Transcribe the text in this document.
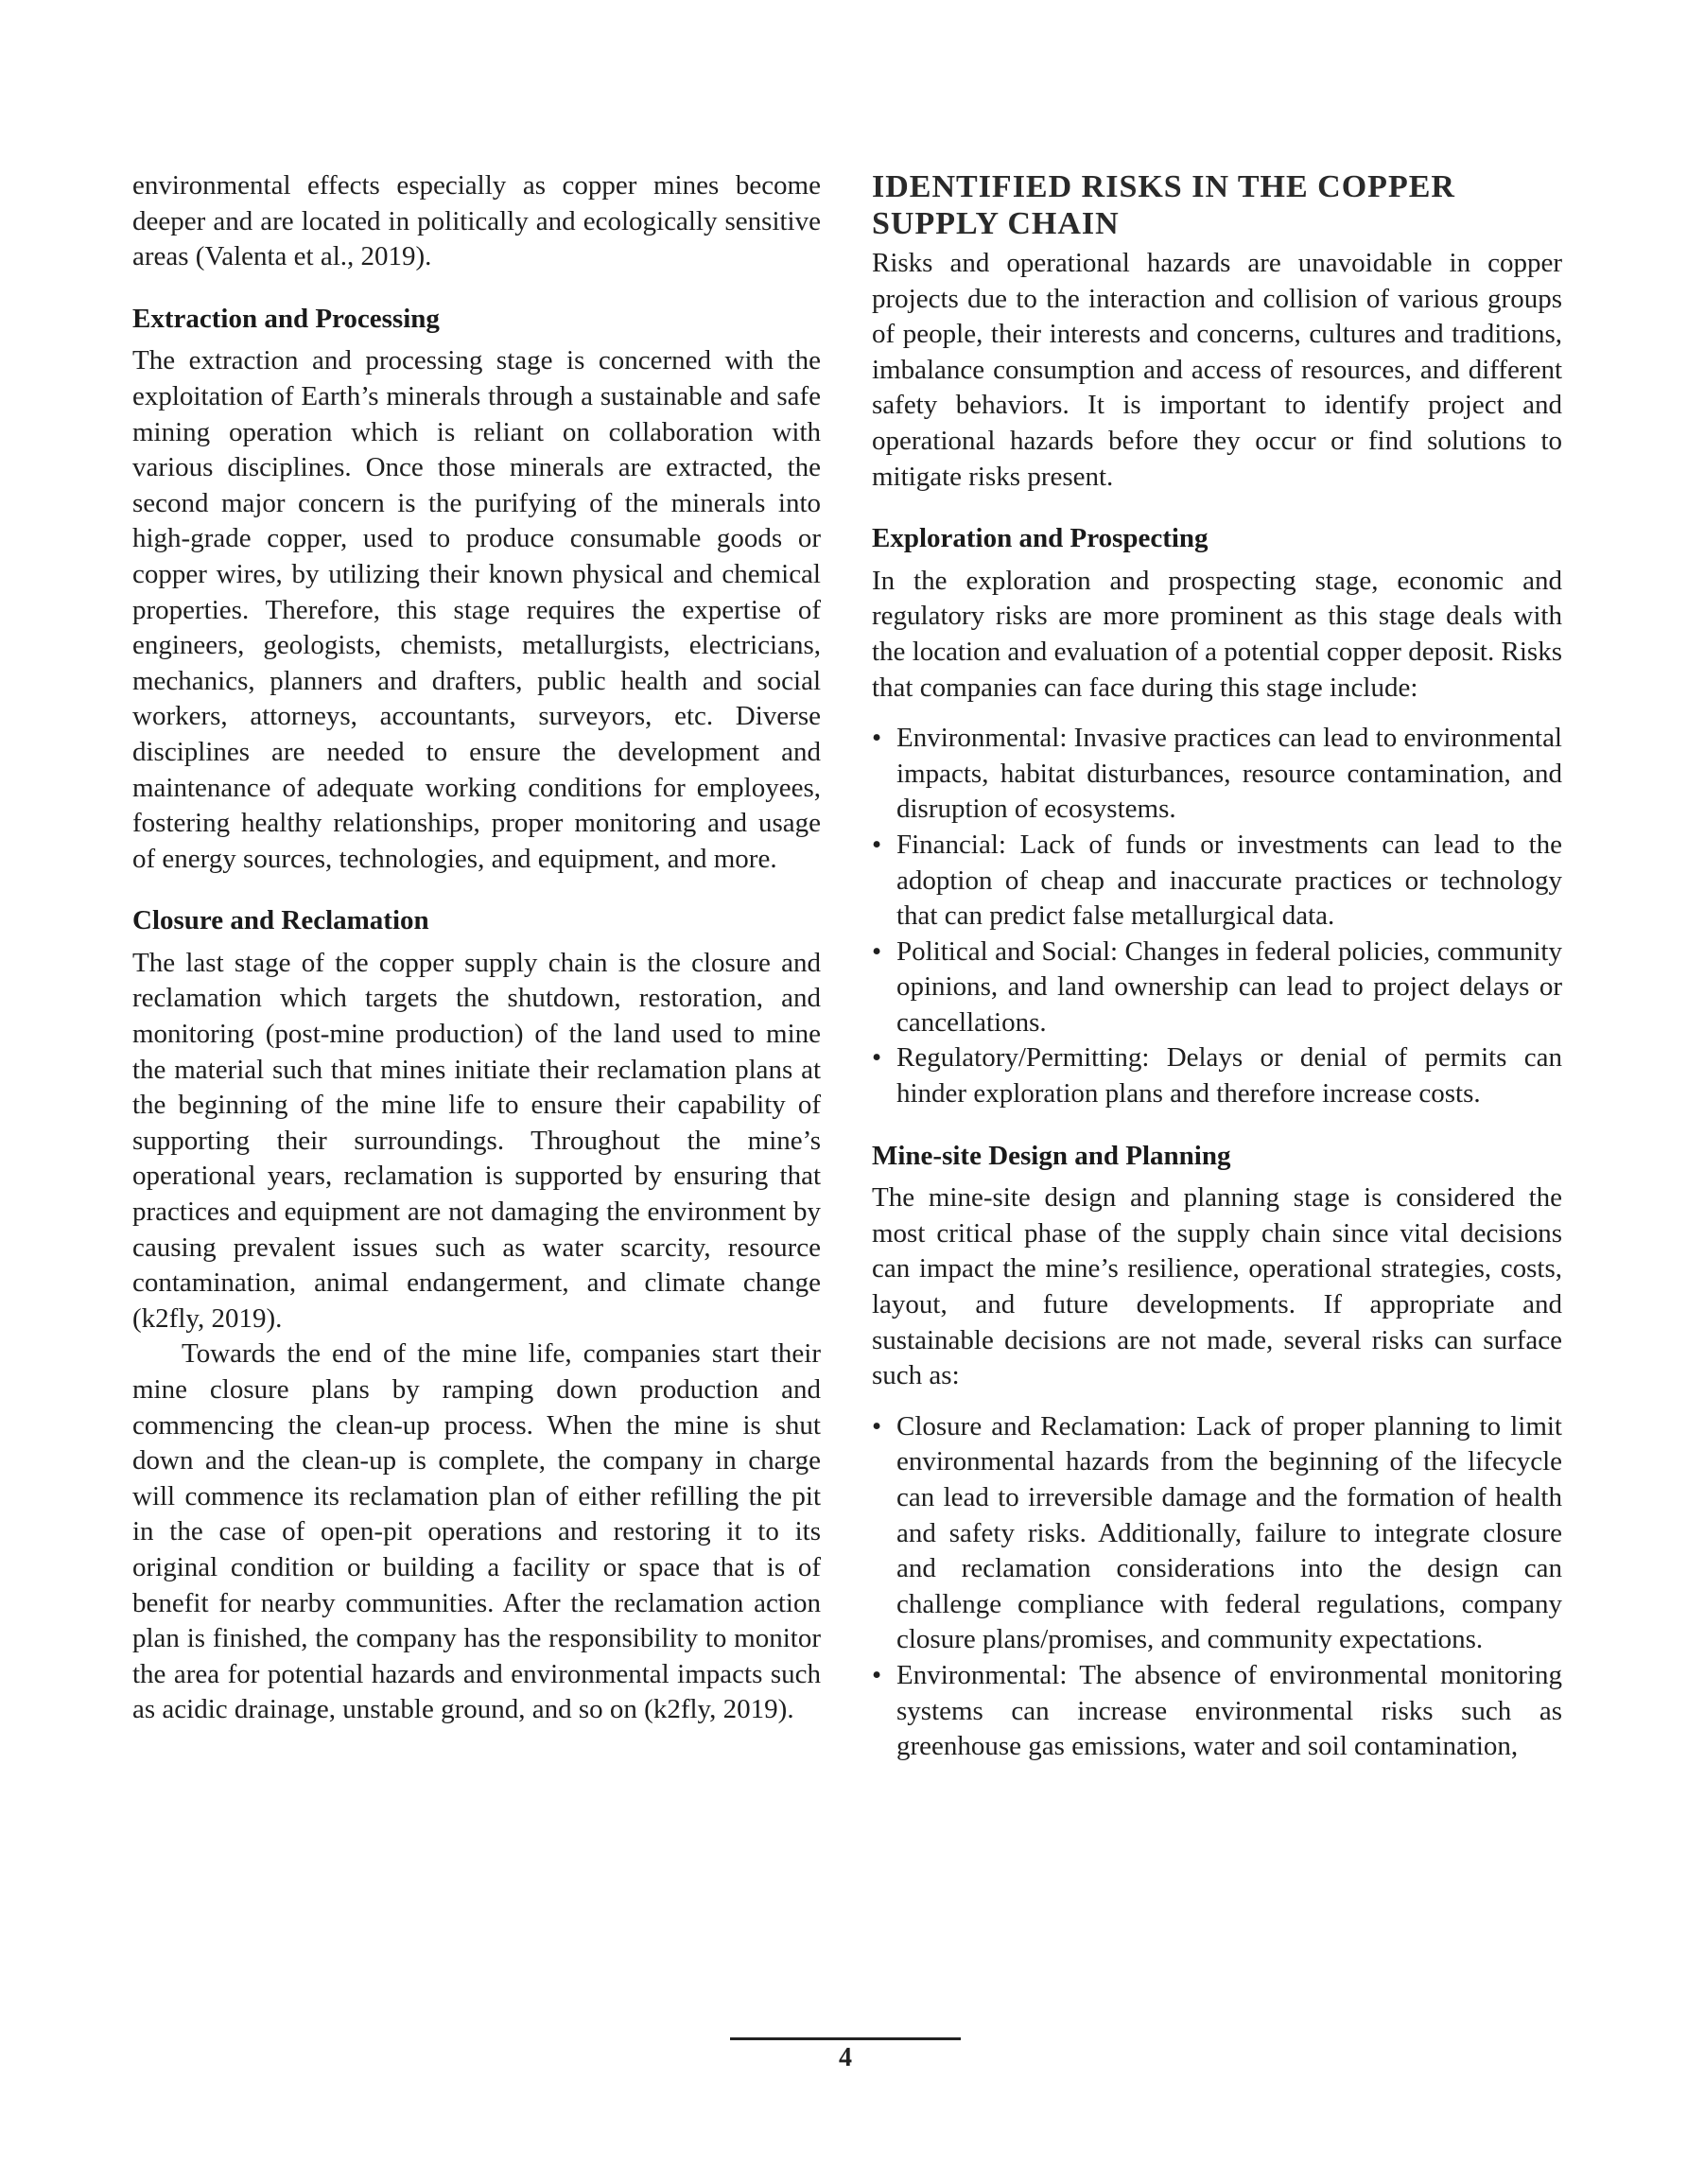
environmental effects especially as copper mines become deeper and are located in politically and ecologically sensitive areas (Valenta et al., 2019).

Extraction and Processing

The extraction and processing stage is concerned with the exploitation of Earth’s minerals through a sustainable and safe mining operation which is reliant on collaboration with various disciplines. Once those minerals are extracted, the second major concern is the purifying of the minerals into high-grade copper, used to produce consumable goods or copper wires, by utilizing their known physical and chemical properties. Therefore, this stage requires the expertise of engineers, geologists, chemists, metallurgists, electricians, mechanics, planners and drafters, public health and social workers, attorneys, accountants, surveyors, etc. Diverse disciplines are needed to ensure the development and maintenance of adequate working conditions for employees, fostering healthy relationships, proper monitoring and usage of energy sources, technologies, and equipment, and more.

Closure and Reclamation

The last stage of the copper supply chain is the closure and reclamation which targets the shutdown, restoration, and monitoring (post-mine production) of the land used to mine the material such that mines initiate their reclamation plans at the beginning of the mine life to ensure their capability of supporting their surroundings. Throughout the mine’s operational years, reclamation is supported by ensuring that practices and equipment are not damaging the environment by causing prevalent issues such as water scarcity, resource contamination, animal endangerment, and climate change (k2fly, 2019).

Towards the end of the mine life, companies start their mine closure plans by ramping down production and commencing the clean-up process. When the mine is shut down and the clean-up is complete, the company in charge will commence its reclamation plan of either refilling the pit in the case of open-pit operations and restoring it to its original condition or building a facility or space that is of benefit for nearby communities. After the reclamation action plan is finished, the company has the responsibility to monitor the area for potential hazards and environmental impacts such as acidic drainage, unstable ground, and so on (k2fly, 2019).

IDENTIFIED RISKS IN THE COPPER SUPPLY CHAIN

Risks and operational hazards are unavoidable in copper projects due to the interaction and collision of various groups of people, their interests and concerns, cultures and traditions, imbalance consumption and access of resources, and different safety behaviors. It is important to identify project and operational hazards before they occur or find solutions to mitigate risks present.

Exploration and Prospecting

In the exploration and prospecting stage, economic and regulatory risks are more prominent as this stage deals with the location and evaluation of a potential copper deposit. Risks that companies can face during this stage include:

• Environmental: Invasive practices can lead to environmental impacts, habitat disturbances, resource contamination, and disruption of ecosystems.
• Financial: Lack of funds or investments can lead to the adoption of cheap and inaccurate practices or technology that can predict false metallurgical data.
• Political and Social: Changes in federal policies, community opinions, and land ownership can lead to project delays or cancellations.
• Regulatory/Permitting: Delays or denial of permits can hinder exploration plans and therefore increase costs.
Mine-site Design and Planning

The mine-site design and planning stage is considered the most critical phase of the supply chain since vital decisions can impact the mine’s resilience, operational strategies, costs, layout, and future developments. If appropriate and sustainable decisions are not made, several risks can surface such as:

• Closure and Reclamation: Lack of proper planning to limit environmental hazards from the beginning of the lifecycle can lead to irreversible damage and the formation of health and safety risks. Additionally, failure to integrate closure and reclamation considerations into the design can challenge compliance with federal regulations, company closure plans/promises, and community expectations.
• Environmental: The absence of environmental monitoring systems can increase environmental risks such as greenhouse gas emissions, water and soil contamination,
4
